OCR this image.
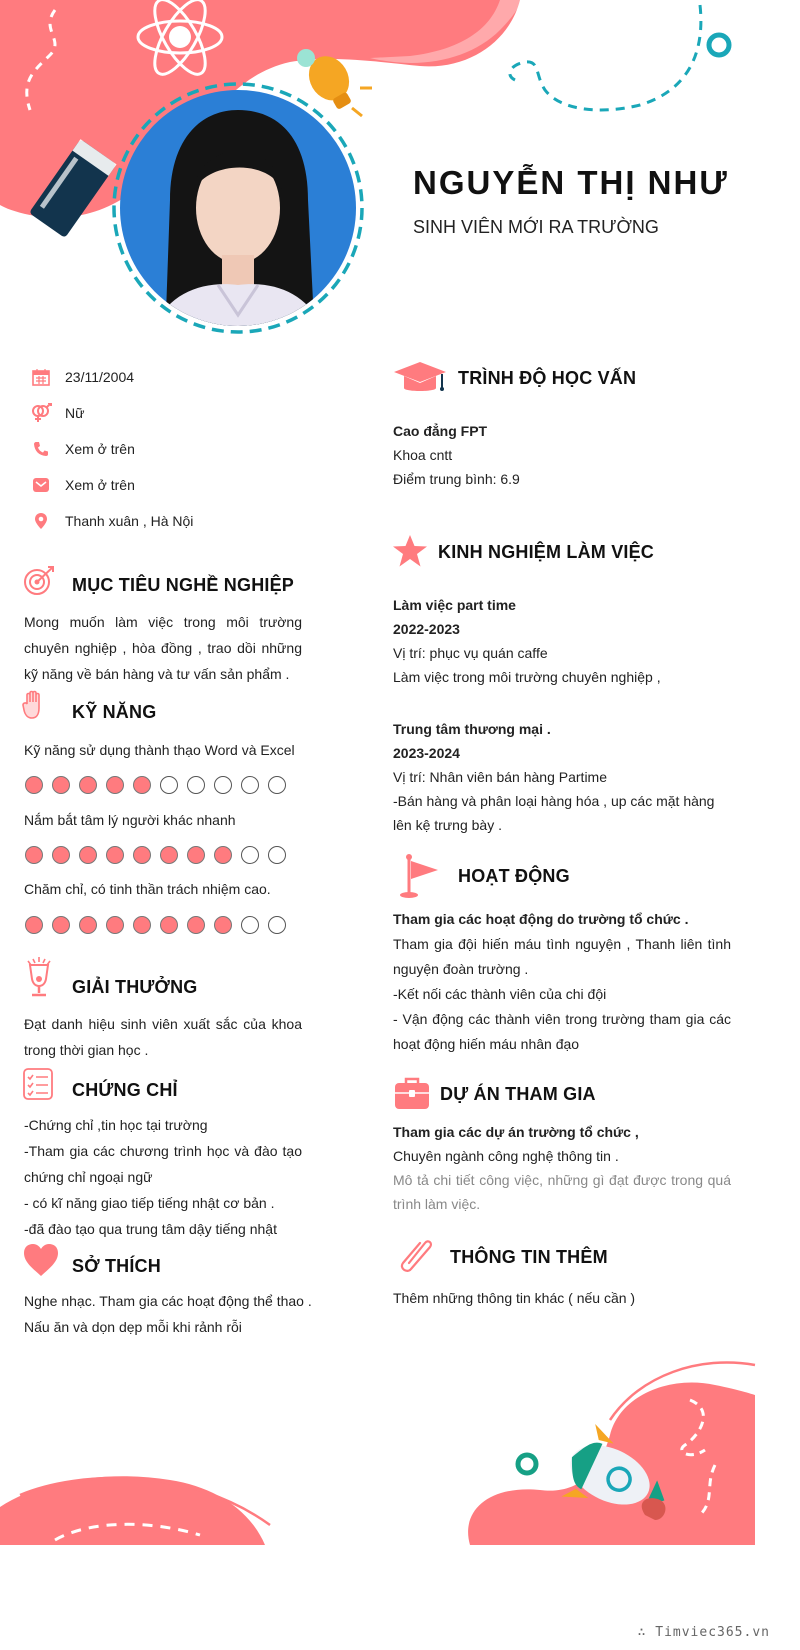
NGUYỄN THỊ NHƯ
SINH VIÊN MỚI RA TRƯỜNG
23/11/2004
Nữ
Xem ở trên
Xem ở trên
Thanh xuân , Hà Nội
MỤC TIÊU NGHỀ NGHIỆP
Mong muốn làm việc trong môi trường chuyên nghiệp , hòa đồng , trao dồi những kỹ năng về bán hàng và tư vấn sản phẩm .
KỸ NĂNG
Kỹ năng sử dụng thành thạo Word và Excel
Nắm bắt tâm lý người khác nhanh
Chăm chỉ, có tinh thần trách nhiệm cao.
GIẢI THƯỞNG
Đạt danh hiệu sinh viên xuất sắc của khoa trong thời gian học .
CHỨNG CHỈ
-Chứng chỉ ,tin học tại trường
-Tham gia các chương trình học và đào tạo chứng chỉ ngoại ngữ
- có kĩ năng giao tiếp tiếng nhật cơ bản .
-đã đào tạo qua trung tâm dậy tiếng nhật
SỞ THÍCH
Nghe nhạc. Tham gia các hoạt động thể thao .
Nấu ăn và dọn dẹp mỗi khi rảnh rỗi
TRÌNH ĐỘ HỌC VẤN
Cao đẳng FPT
Khoa cntt
Điểm trung bình: 6.9
KINH NGHIỆM LÀM VIỆC
Làm việc part time
2022-2023
Vị trí: phục vụ quán caffe
Làm việc trong môi trường chuyên nghiệp ,
Trung tâm thương mại .
2023-2024
Vị trí: Nhân viên bán hàng Partime
-Bán hàng và phân loại hàng hóa , up các mặt hàng lên kệ trưng bày .
HOẠT ĐỘNG
Tham gia các hoạt động do trường tổ chức .
Tham gia đội hiến máu tình nguyện , Thanh liên tình nguyện đoàn trường .
-Kết nối các thành viên của chi đội
- Vận động các thành viên trong trường tham gia các hoạt động hiến máu nhân đạo
DỰ ÁN THAM GIA
Tham gia các dự án trường tổ chức ,
Chuyên ngành công nghệ thông tin .
Mô tả chi tiết công việc, những gì đạt được trong quá trình làm việc.
THÔNG TIN THÊM
Thêm những thông tin khác ( nếu cần )
∴ Timviec365.vn
